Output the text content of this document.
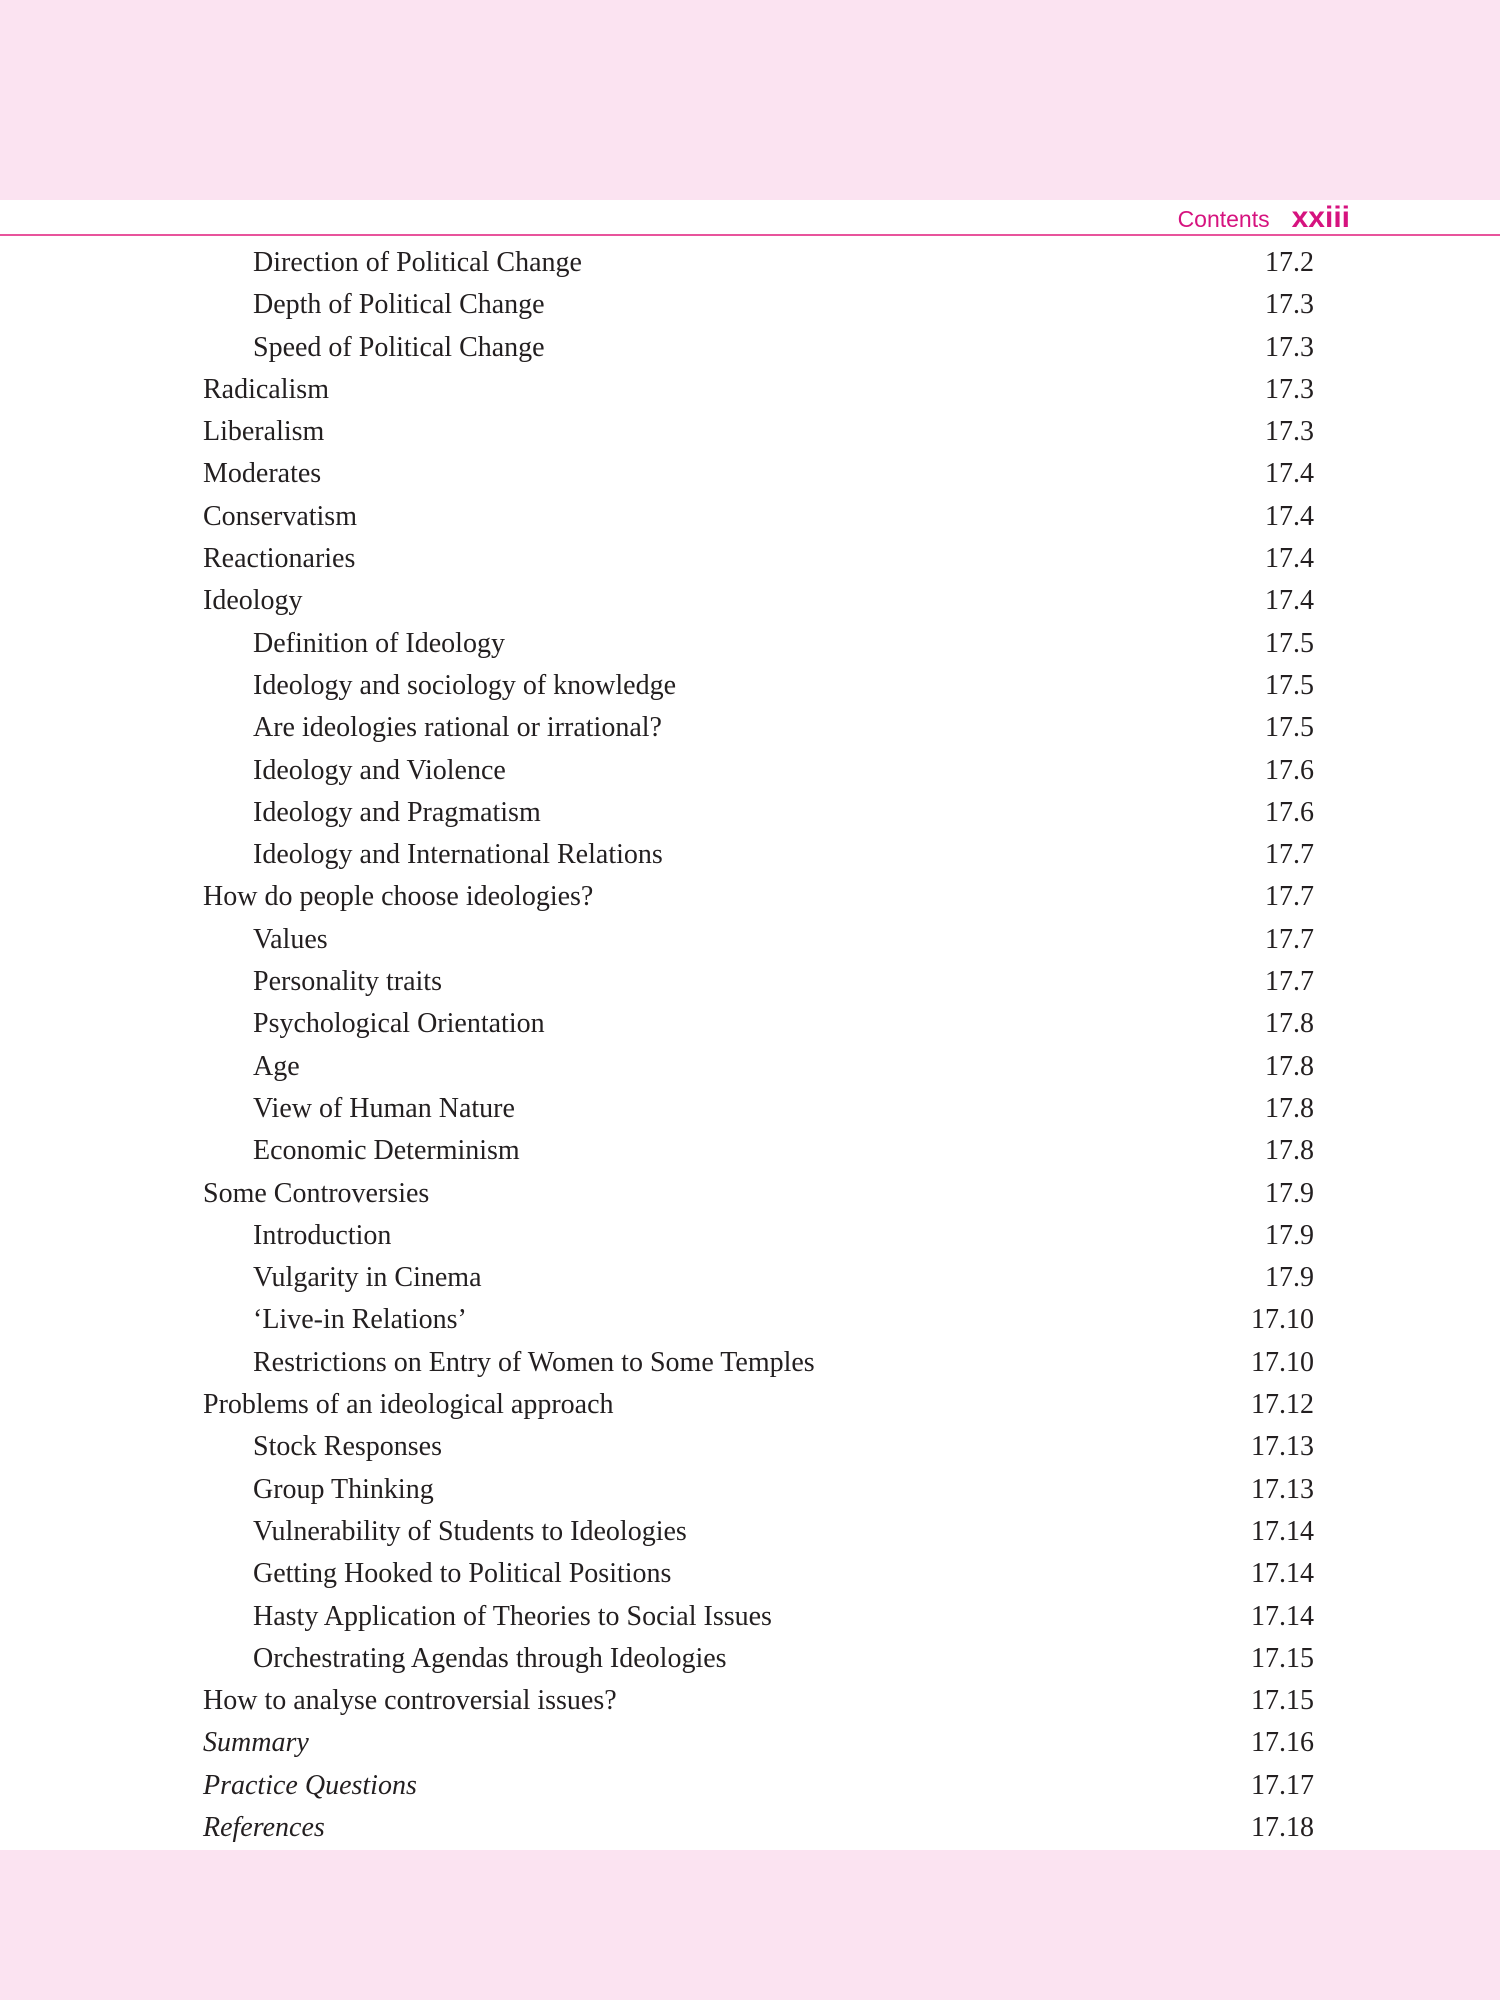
Contents xxiii
Direction of Political Change	17.2
Depth of Political Change	17.3
Speed of Political Change	17.3
Radicalism	17.3
Liberalism	17.3
Moderates	17.4
Conservatism	17.4
Reactionaries	17.4
Ideology	17.4
Definition of Ideology	17.5
Ideology and sociology of knowledge	17.5
Are ideologies rational or irrational?	17.5
Ideology and Violence	17.6
Ideology and Pragmatism	17.6
Ideology and International Relations	17.7
How do people choose ideologies?	17.7
Values	17.7
Personality traits	17.7
Psychological Orientation	17.8
Age	17.8
View of Human Nature	17.8
Economic Determinism	17.8
Some Controversies	17.9
Introduction	17.9
Vulgarity in Cinema	17.9
‘Live-in Relations’	17.10
Restrictions on Entry of Women to Some Temples	17.10
Problems of an ideological approach	17.12
Stock Responses	17.13
Group Thinking	17.13
Vulnerability of Students to Ideologies	17.14
Getting Hooked to Political Positions	17.14
Hasty Application of Theories to Social Issues	17.14
Orchestrating Agendas through Ideologies	17.15
How to analyse controversial issues?	17.15
Summary	17.16
Practice Questions	17.17
References	17.18
